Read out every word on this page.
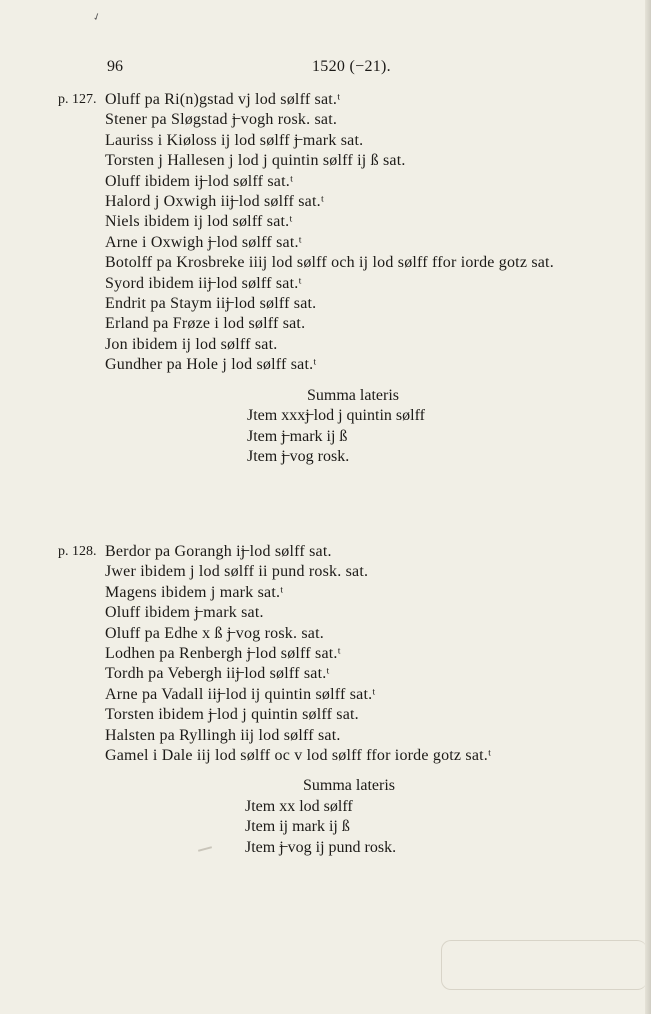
✓
96	1520 (−21).
p. 127. Oluff pa Ri(n)gstad vj lod sølff sat.ᵗ
Stener pa Sløgstad j̶ vogh rosk. sat.
Lauriss i Kiøloss ij lod sølff j̶ mark sat.
Torsten j Hallesen j lod j quintin sølff ij ß sat.
Oluff ibidem ij̶ lod sølff sat.ᵗ
Halord j Oxwigh iij̶ lod sølff sat.ᵗ
Niels ibidem ij lod sølff sat.ᵗ
Arne i Oxwigh j̶ lod sølff sat.ᵗ
Botolff pa Krosbreke iiij lod sølff och ij lod sølff ffor iorde gotz sat.
Syord ibidem iij̶ lod sølff sat.ᵗ
Endrit pa Staym iij̶ lod sølff sat.
Erland pa Frøze i lod sølff sat.
Jon ibidem ij lod sølff sat.
Gundher pa Hole j lod sølff sat.ᵗ
Summa lateris
Jtem xxxj̶ lod j quintin sølff
Jtem j̶ mark ij ß
Jtem j̶ vog rosk.
p. 128. Berdor pa Gorangh ij̶ lod sølff sat.
Jwer ibidem j lod sølff ii pund rosk. sat.
Magens ibidem j mark sat.ᵗ
Oluff ibidem j̶ mark sat.
Oluff pa Edhe x ß j̶ vog rosk. sat.
Lodhen pa Renbergh j̶ lod sølff sat.ᵗ
Tordh pa Vebergh iij̶ lod sølff sat.ᵗ
Arne pa Vadall iij̶ lod ij quintin sølff sat.ᵗ
Torsten ibidem j̶ lod j quintin sølff sat.
Halsten pa Ryllingh iij lod sølff sat.
Gamel i Dale iij lod sølff oc v lod sølff ffor iorde gotz sat.ᵗ
Summa lateris
Jtem xx lod sølff
Jtem ij mark ij ß
Jtem j̶ vog ij pund rosk.
